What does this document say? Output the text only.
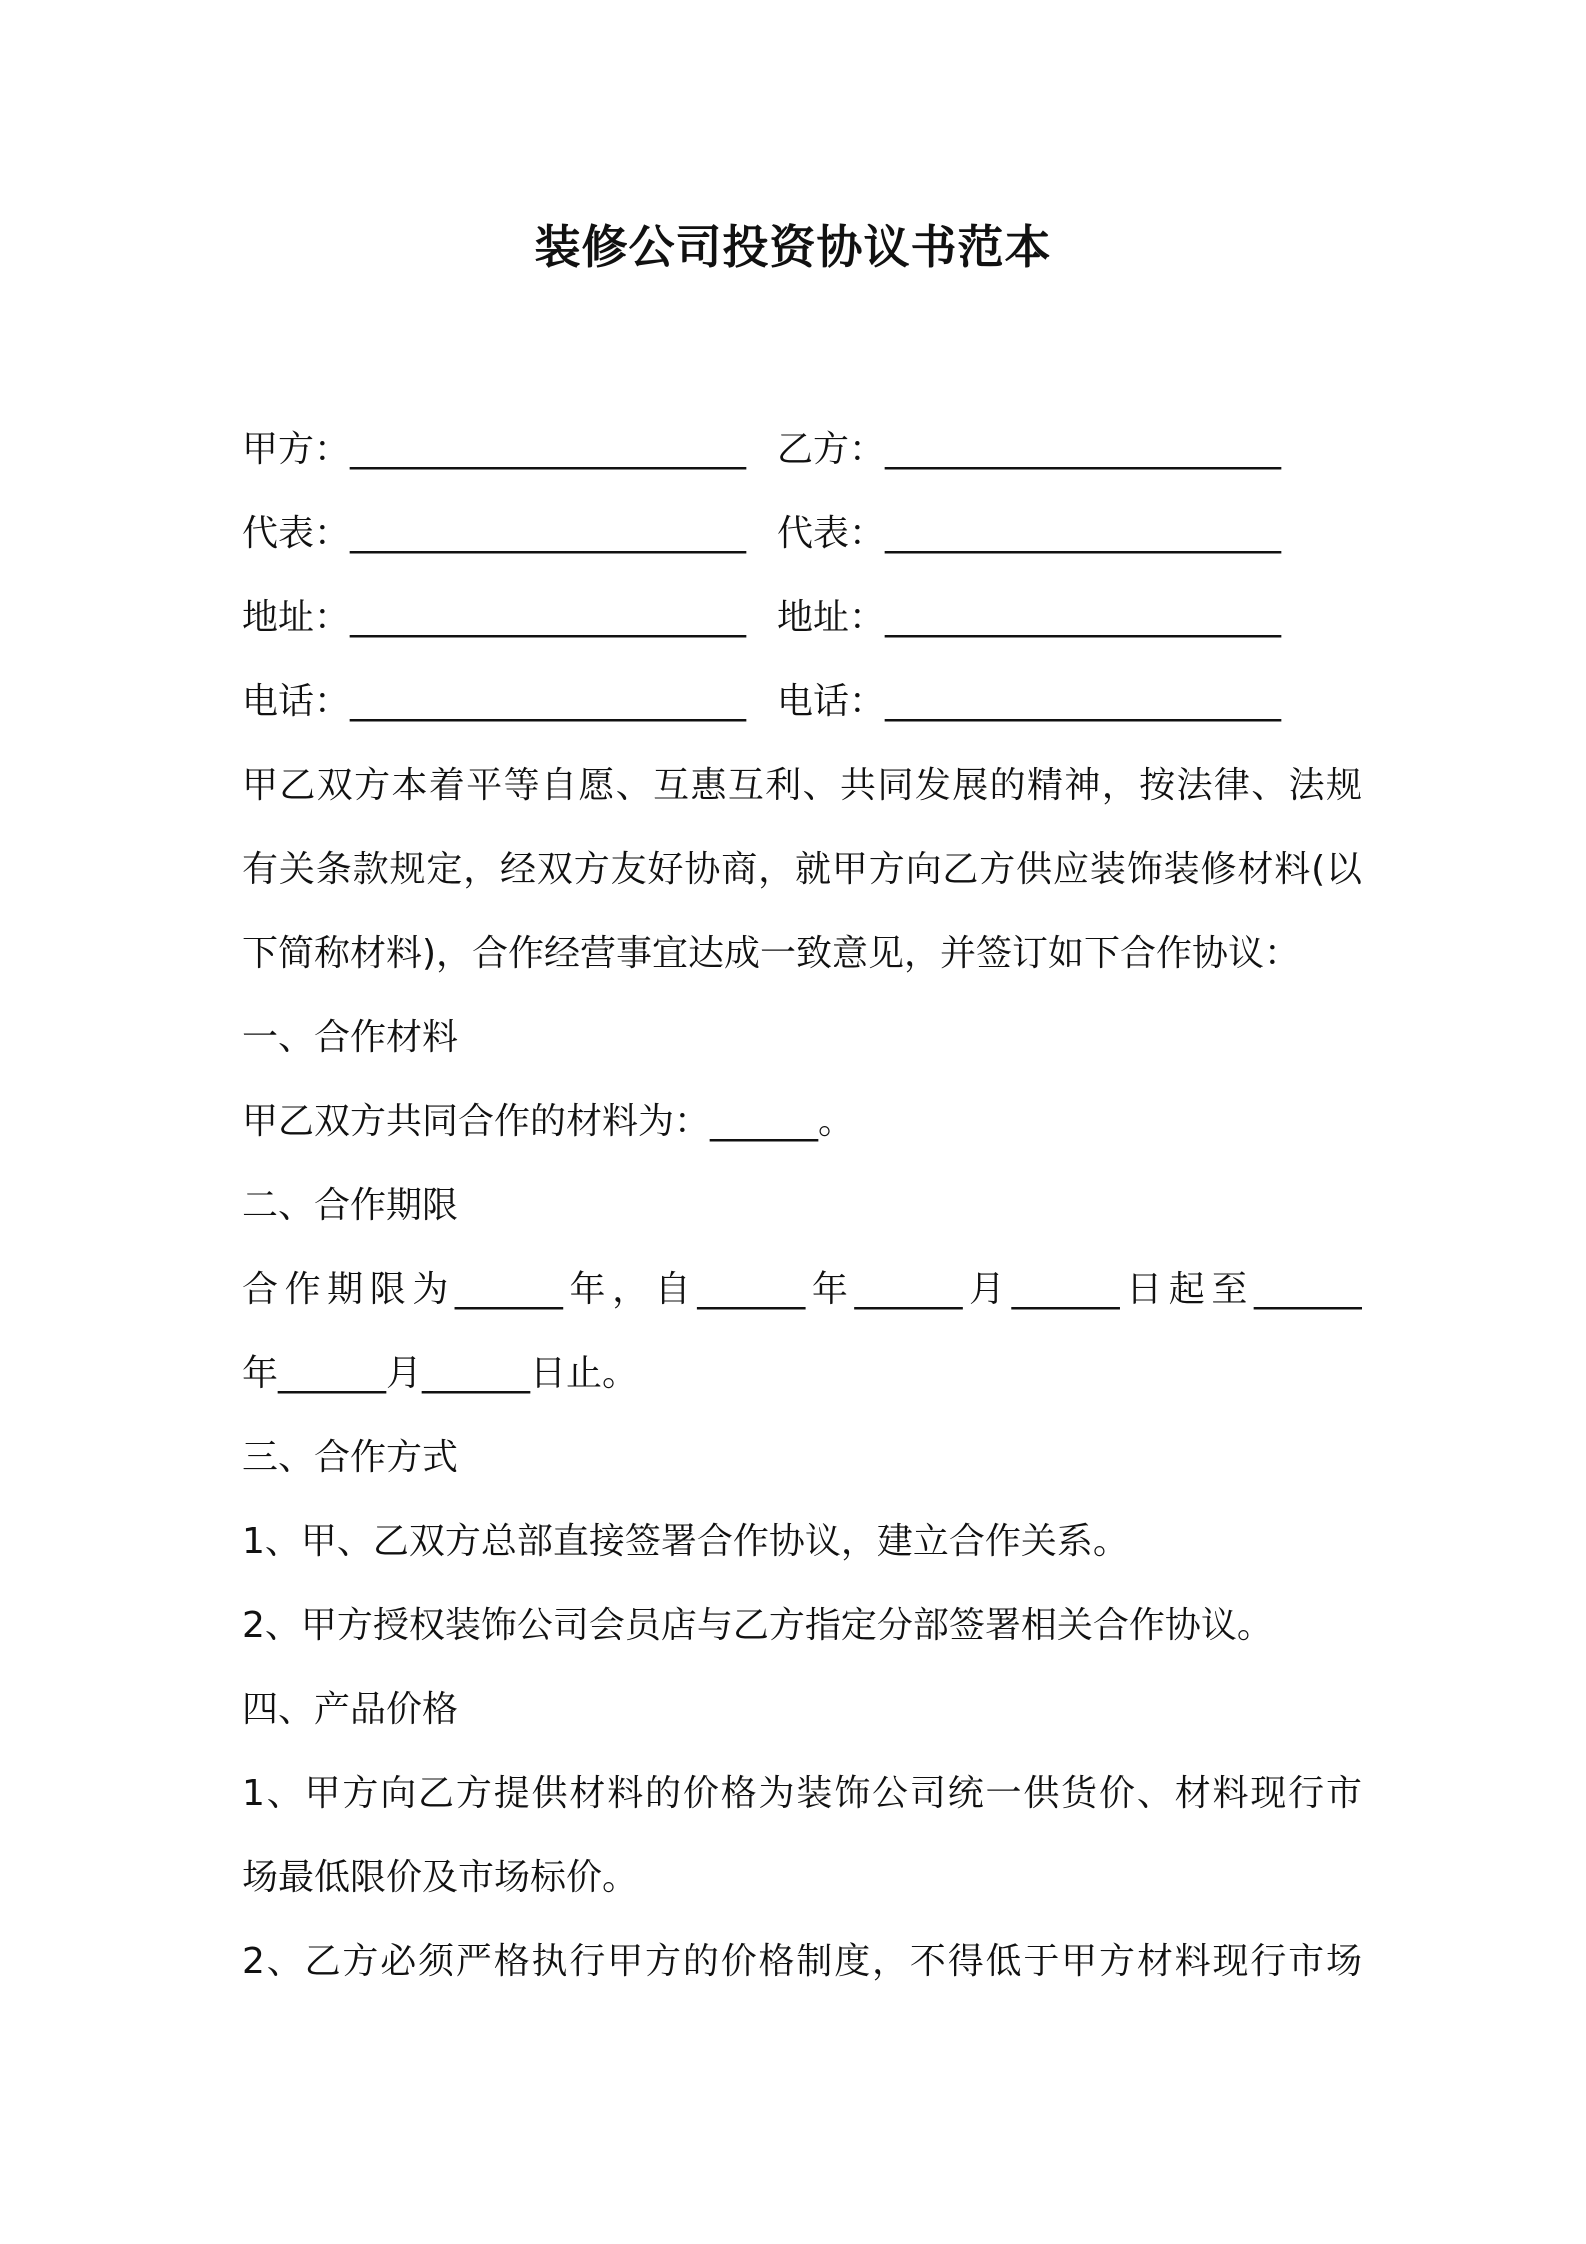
装修公司投资协议书范本
甲方：______________________ 乙方：______________________
代表：______________________ 代表：______________________
地址：______________________ 地址：______________________
电话：______________________ 电话：______________________
甲乙双方本着平等自愿、互惠互利、共同发展的精神，按法律、法规
有关条款规定，经双方友好协商，就甲方向乙方供应装饰装修材料(以
下简称材料)，合作经营事宜达成一致意见，并签订如下合作协议：
一、合作材料
甲乙双方共同合作的材料为：______。
二、合作期限
合作期限为______年，自______年______月______日起至______
年______月______日止。
三、合作方式
1、甲、乙双方总部直接签署合作协议，建立合作关系。
2、甲方授权装饰公司会员店与乙方指定分部签署相关合作协议。
四、产品价格
1、甲方向乙方提供材料的价格为装饰公司统一供货价、材料现行市
场最低限价及市场标价。
2、乙方必须严格执行甲方的价格制度，不得低于甲方材料现行市场
